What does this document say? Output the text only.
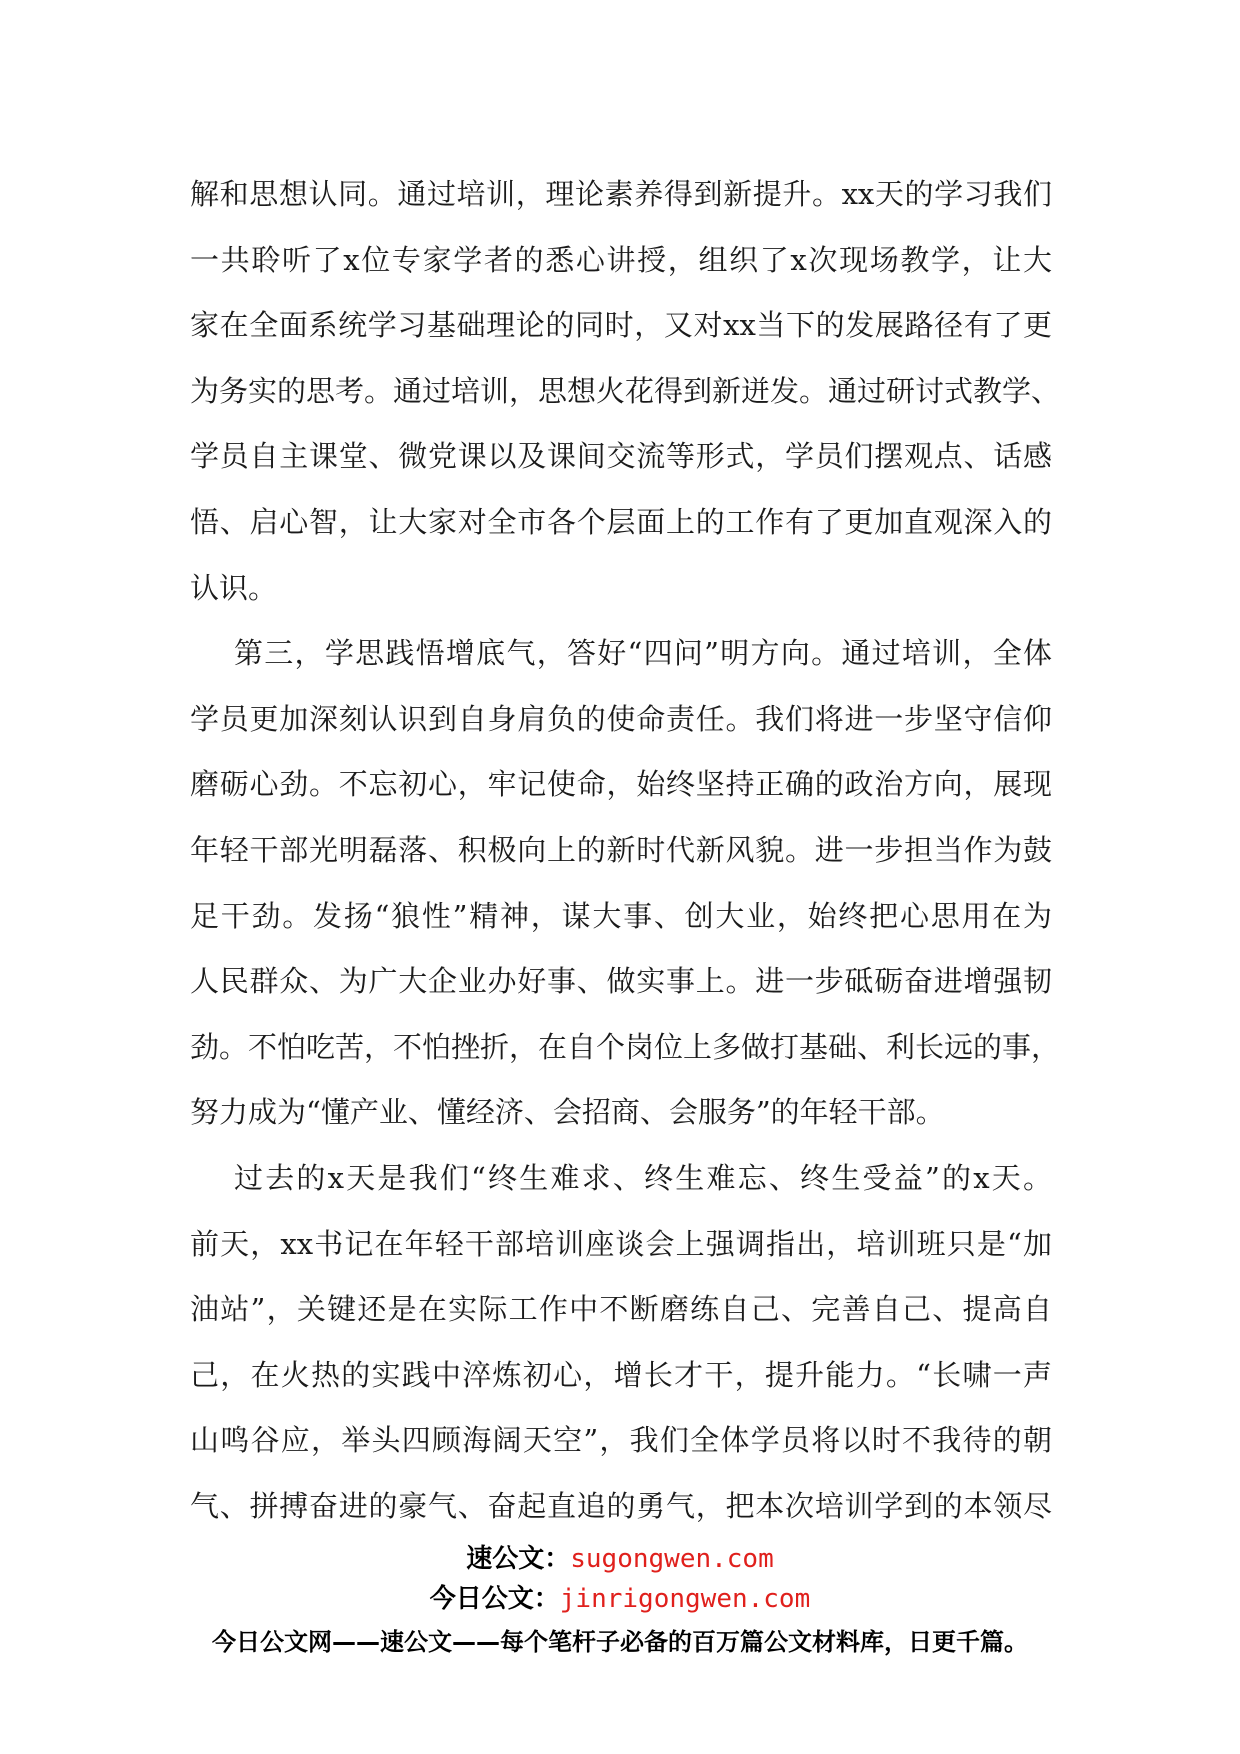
解和思想认同。通过培训，理论素养得到新提升。xx天的学习我们
一共聆听了x位专家学者的悉心讲授，组织了x次现场教学，让大
家在全面系统学习基础理论的同时，又对xx当下的发展路径有了更
为务实的思考。通过培训，思想火花得到新迸发。通过研讨式教学、
学员自主课堂、微党课以及课间交流等形式，学员们摆观点、话感
悟、启心智，让大家对全市各个层面上的工作有了更加直观深入的
认识。
第三，学思践悟增底气，答好“四问”明方向。通过培训，全体
学员更加深刻认识到自身肩负的使命责任。我们将进一步坚守信仰
磨砺心劲。不忘初心，牢记使命，始终坚持正确的政治方向，展现
年轻干部光明磊落、积极向上的新时代新风貌。进一步担当作为鼓
足干劲。发扬“狼性”精神，谋大事、创大业，始终把心思用在为
人民群众、为广大企业办好事、做实事上。进一步砥砺奋进增强韧
劲。不怕吃苦，不怕挫折，在自个岗位上多做打基础、利长远的事，
努力成为“懂产业、懂经济、会招商、会服务”的年轻干部。
过去的x天是我们“终生难求、终生难忘、终生受益”的x天。
前天，xx书记在年轻干部培训座谈会上强调指出，培训班只是“加
油站”，关键还是在实际工作中不断磨练自己、完善自己、提高自
己，在火热的实践中淬炼初心，增长才干，提升能力。“长啸一声
山鸣谷应，举头四顾海阔天空”，我们全体学员将以时不我待的朝
气、拼搏奋进的豪气、奋起直追的勇气，把本次培训学到的本领尽
速公文：sugongwen.com
今日公文：jinrigongwen.com
今日公文网——速公文——每个笔杆子必备的百万篇公文材料库，日更千篇。
